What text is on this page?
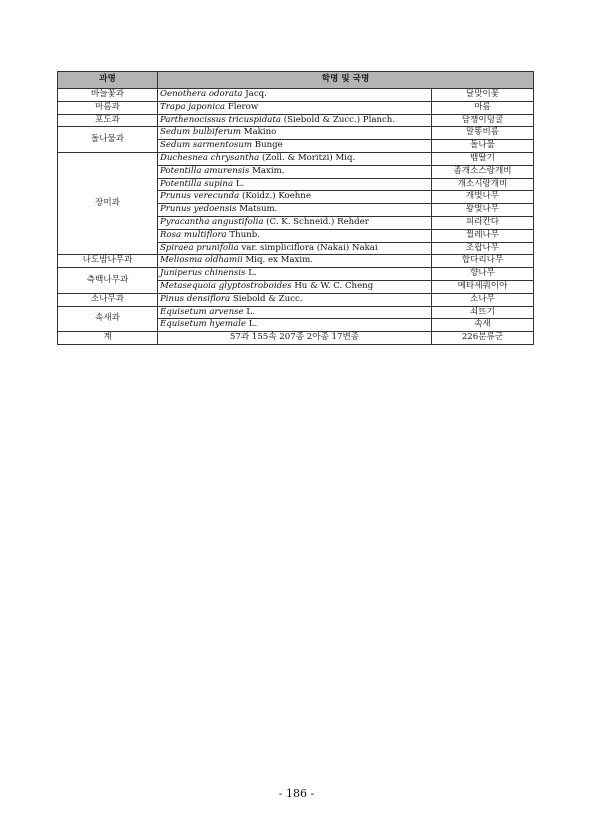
과명	학명 및 국명	
바늘꽃과	Oenothera odorata Jacq.	달맞이꽃
마름과	Trapa japonica Flerow	마름
포도과	Parthenocissus tricuspidata (Siebold & Zucc.) Planch.	담쟁이덩굴
돌나물과	Sedum bulbiferum Makino	말똥비름
	Sedum sarmentosum Bunge	돌나물
장미과	Duchesnea chrysantha (Zoll. & Moritzi) Miq.	뱀딸기
	Potentilla amurensis Maxim.	좀개소스랑개비
	Potentilla supina L.	개소시랑개비
	Prunus verecunda (Koidz.) Koehne	개벚나무
	Prunus yedoensis Matsum.	왕벚나무
	Pyracantha angustifolia (C. K. Schneid.) Rehder	피라칸다
	Rosa multiflora Thunb.	찔레나무
	Spiraea prunifolia var. simpliciflora (Nakai) Nakai	조팝나무
나도밤나무과	Meliosma oldhamii Miq. ex Maxim.	합다리나무
측백나무과	Juniperus chinensis L.	향나무
	Metasequoia glyptostroboides Hu & W. C. Cheng	메타세쿼이아
소나무과	Pinus densiflora Siebold & Zucc.	소나무
속새과	Equisetum arvense L.	쇠뜨기
	Equisetum hyemale L.	속새
계	57과 155속 207종 2아종 17변종	226분류군
- 186 -
